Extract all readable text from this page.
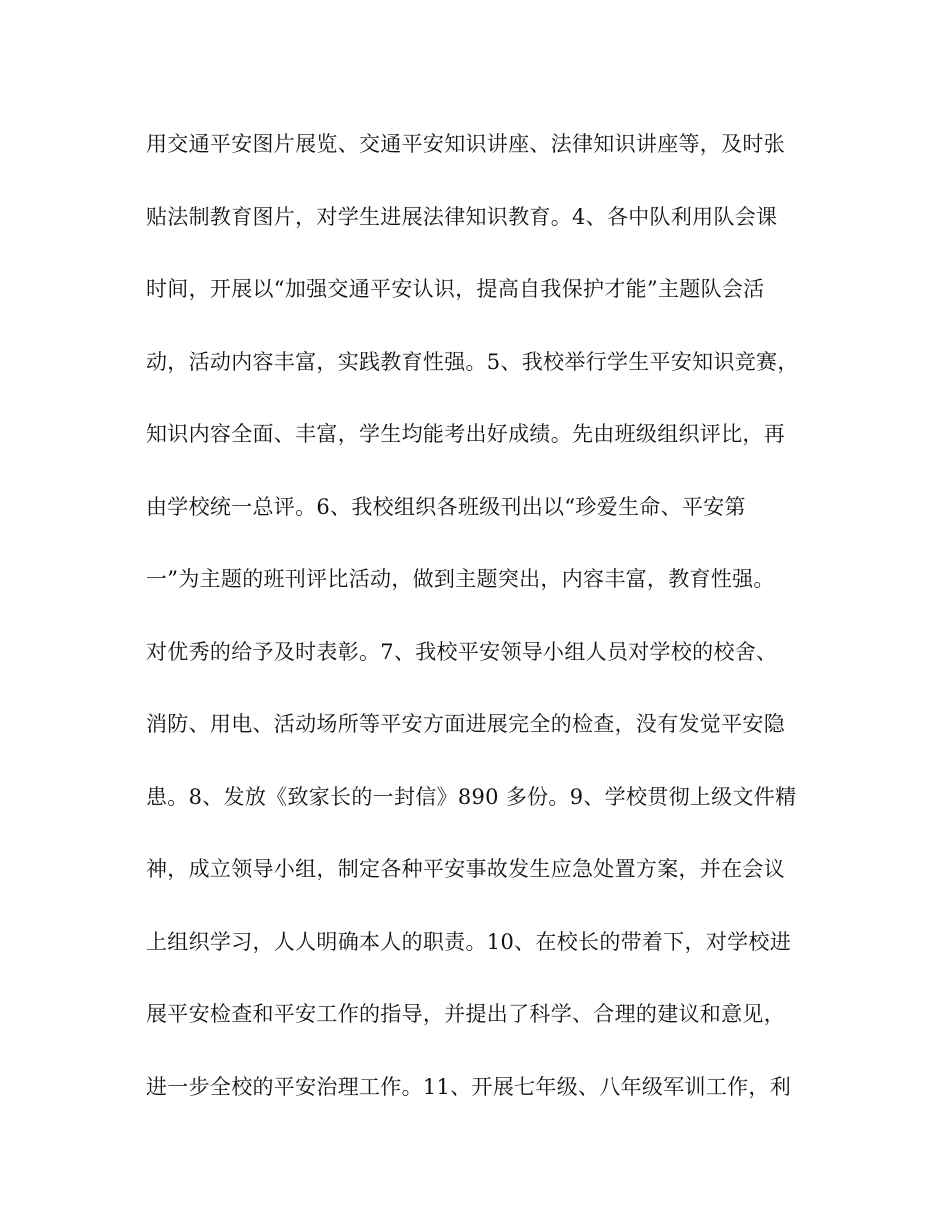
用交通平安图片展览、交通平安知识讲座、法律知识讲座等，及时张
贴法制教育图片，对学生进展法律知识教育。4、各中队利用队会课
时间，开展以“加强交通平安认识，提高自我保护才能”主题队会活
动，活动内容丰富，实践教育性强。5、我校举行学生平安知识竞赛，
知识内容全面、丰富，学生均能考出好成绩。先由班级组织评比，再
由学校统一总评。6、我校组织各班级刊出以“珍爱生命、平安第
一”为主题的班刊评比活动，做到主题突出，内容丰富，教育性强。
对优秀的给予及时表彰。7、我校平安领导小组人员对学校的校舍、
消防、用电、活动场所等平安方面进展完全的检查，没有发觉平安隐
患。8、发放《致家长的一封信》890 多份。9、学校贯彻上级文件精
神，成立领导小组，制定各种平安事故发生应急处置方案，并在会议
上组织学习，人人明确本人的职责。10、在校长的带着下，对学校进
展平安检查和平安工作的指导，并提出了科学、合理的建议和意见，
进一步全校的平安治理工作。11、开展七年级、八年级军训工作，利
